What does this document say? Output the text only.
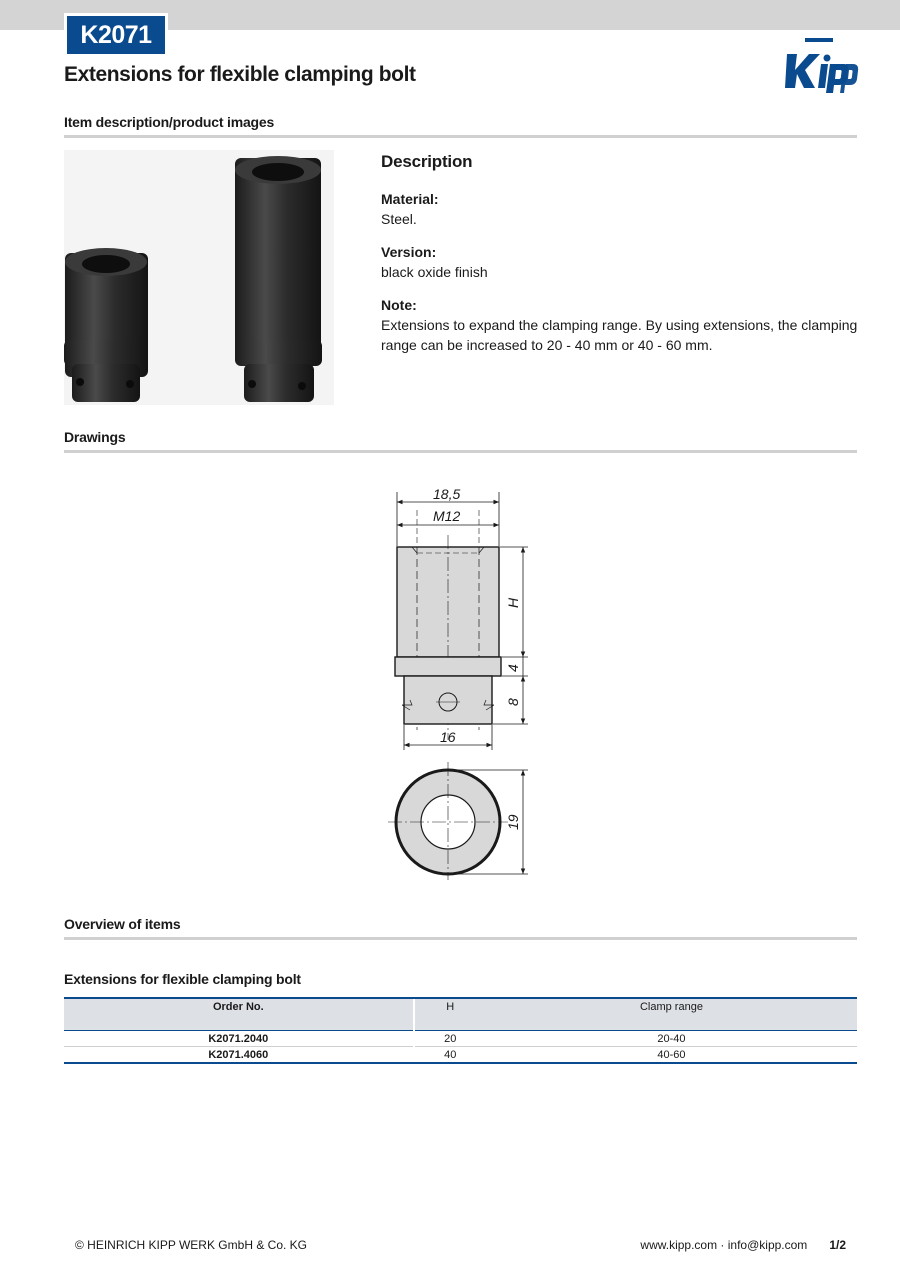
K2071
Extensions for flexible clamping bolt
Item description/product images
Description

Material:

Steel.

Version:

black oxide finish

Note:

Extensions to expand the clamping range. By using extensions, the clamping range can be increased to 20 - 40 mm or 40 - 60 mm.

Drawings
18,5
M12
H
4
8
16
19
Overview of items
Extensions for flexible clamping bolt
Order No.	H	Clamp range
K2071.2040	20	20-40
K2071.4060	40	40-60
© HEINRICH KIPP WERK GmbH & Co. KG	www.kipp.com · info@kipp.com 1/2
